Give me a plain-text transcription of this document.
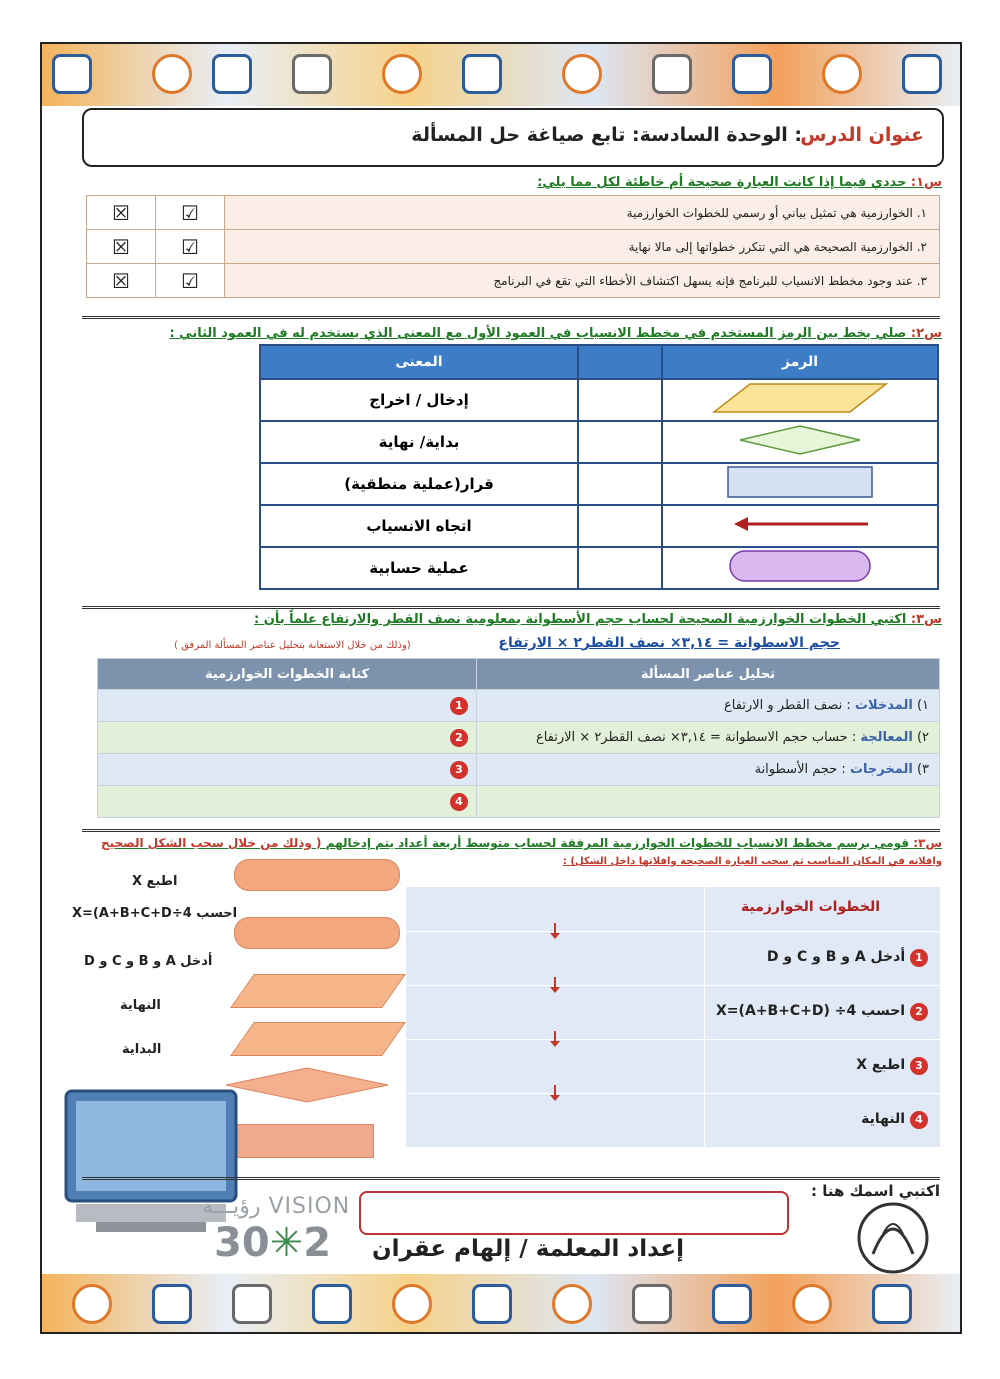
عنوان الدرس
: الوحدة السادسة: تابع صياغة حل المسألة
س١: حددي فيما إذا كانت العبارة صحيحة أم خاطئة لكل مما يلي:
١. الخوارزمية هي تمثيل بياني أو رسمي للخطوات الخوارزمية	☑	☒
٢. الخوارزمية الصحيحة هي التي تتكرر خطواتها إلى مالا نهاية	☑	☒
٣. عند وجود مخطط الانسياب للبرنامج فإنه يسهل اكتشاف الأخطاء التي تقع في البرنامج	☑	☒
س٢: صلي بخط بين الرمز المستخدم في مخطط الانسياب في العمود الأول مع المعنى الذي يستخدم له في العمود الثاني :
الرمز		المعنى
		إدخال / اخراج
		بداية/ نهاية
		قرار(عملية منطقية)
		اتجاه الانسياب
		عملية حسابية
س٣: اكتبي الخطوات الخوارزمية الصحيحة لحساب حجم الأسطوانة بمعلومية نصف القطر والارتفاع علماً بأن :
حجم الاسطوانة = ٣,١٤× نصف القطر٢ × الارتفاع
(وذلك من خلال الاستعانة بتحليل عناصر المسألة المرفق )
تحليل عناصر المسألة	كتابة الخطوات الخوارزمية
١) المدخلات : نصف القطر و الارتفاع	1
٢) المعالجة : حساب حجم الاسطوانة = ٣,١٤× نصف القطر٢ × الارتفاع	2
٣) المخرجات : حجم الأسطوانة	3
	4
س٣: قومي برسم مخطط الانسياب للخطوات الخوارزمية المرفقة لحساب متوسط أربعة أعداد يتم إدخالهم ( وذلك من خلال سحب الشكل الصحيح
وافلاته في المكان المناسب ثم سحب العبارة الصحيحة وافلاتها داخل الشكل) :
الخطوات الخوارزمية
1 أدخل A و B و C و D
2 احسب X=(A+B+C+D) ÷4
3 اطبع X
4 النهاية
اطبع X
احسب X=(A+B+C+D÷4
أدخل A و B و C و D
النهاية
البداية
اكتبي اسمك هنا :
VISION رؤيـــة
2✳30	إعداد المعلمة / إلهام عقران
